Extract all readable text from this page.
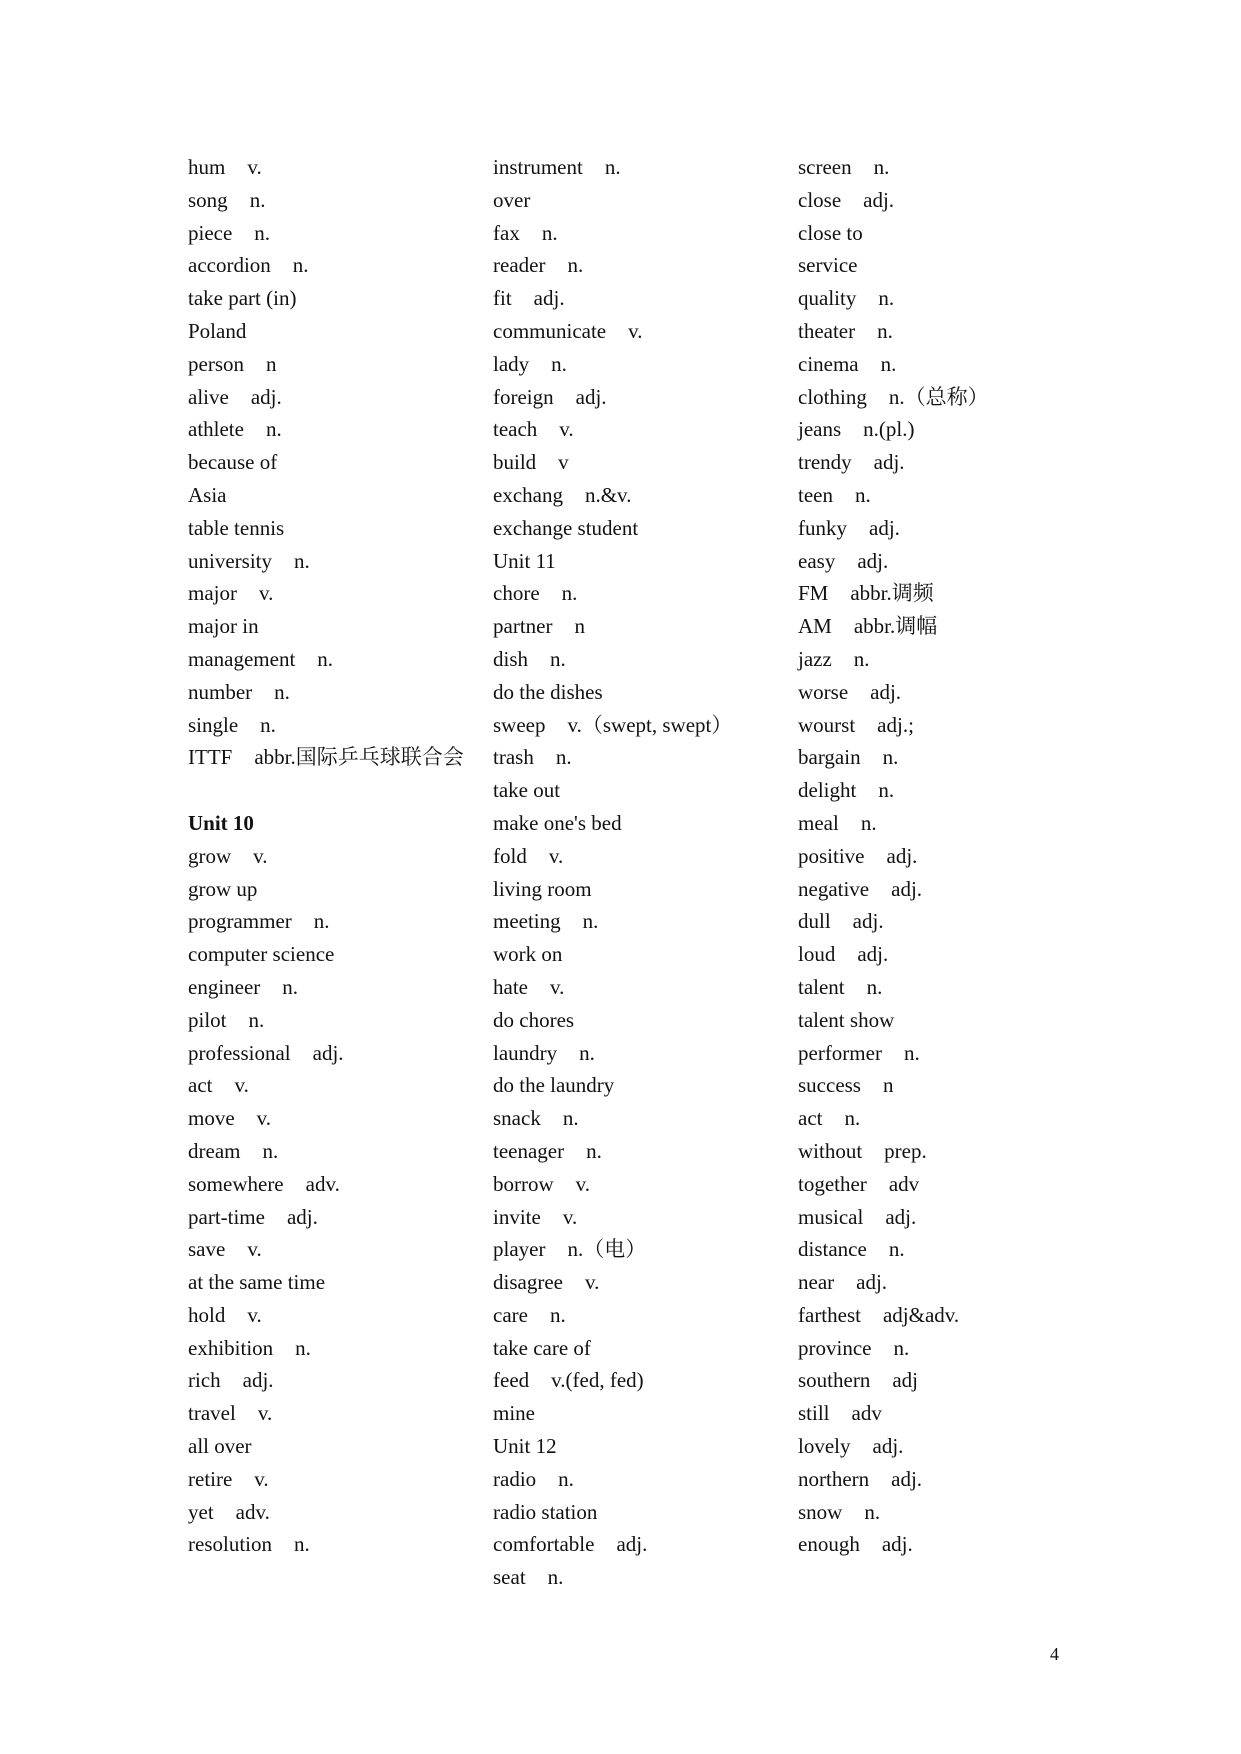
hum v.
song n.
piece n.
accordion n.
take part (in)
Poland
person n
alive adj.
athlete n.
because of
Asia
table tennis
university n.
major v.
major in
management n.
number n.
single n.
ITTF abbr.国际乒乓球联合会
Unit 10
grow v.
grow up
programmer n.
computer science
engineer n.
pilot n.
professional adj.
act v.
move v.
dream n.
somewhere adv.
part-time adj.
save v.
at the same time
hold v.
exhibition n.
rich adj.
travel v.
all over
retire v.
yet adv.
resolution n.
instrument n.
over
fax n.
reader n.
fit adj.
communicate v.
lady n.
foreign adj.
teach v.
build v
exchang n.&v.
exchange student
Unit 11
chore n.
partner n
dish n.
do the dishes
sweep v.（swept, swept）
trash n.
take out
make one's bed
fold v.
living room
meeting n.
work on
hate v.
do chores
laundry n.
do the laundry
snack n.
teenager n.
borrow v.
invite v.
player n.（电）
disagree v.
care n.
take care of
feed v.(fed, fed)
mine
Unit 12
radio n.
radio station
comfortable adj.
seat n.
screen n.
close adj.
close to
service
quality n.
theater n.
cinema n.
clothing n.（总称）
jeans n.(pl.)
trendy adj.
teen n.
funky adj.
easy adj.
FM abbr.调频
AM abbr.调幅
jazz n.
worse adj.
wourst adj.;
bargain n.
delight n.
meal n.
positive adj.
negative adj.
dull adj.
loud adj.
talent n.
talent show
performer n.
success n
act n.
without prep.
together adv
musical adj.
distance n.
near adj.
farthest adj&adv.
province n.
southern adj
still adv
lovely adj.
northern adj.
snow n.
enough adj.
4
